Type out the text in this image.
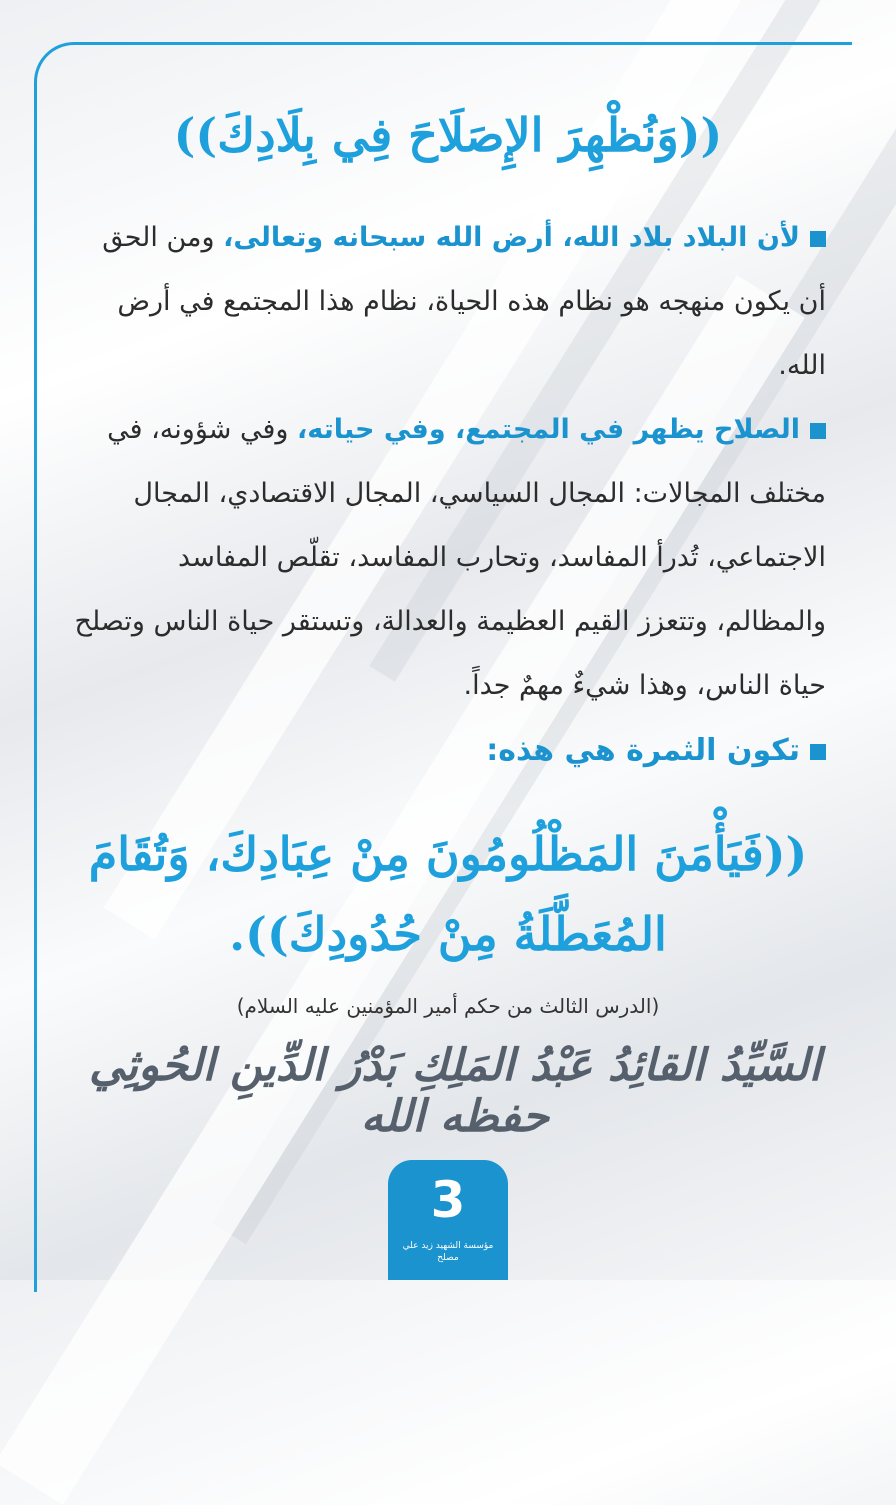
((وَنُظْهِرَ الإِصَلَاحَ فِي بِلَادِكَ))

لأن البلاد بلاد الله، أرض الله سبحانه وتعالى، ومن الحق أن يكون منهجه هو نظام هذه الحياة، نظام هذا المجتمع في أرض الله.

الصلاح يظهر في المجتمع، وفي حياته، وفي شؤونه، في مختلف المجالات: المجال السياسي، المجال الاقتصادي، المجال الاجتماعي، تُدرأ المفاسد، وتحارب المفاسد، تقلّص المفاسد والمظالم، وتتعزز القيم العظيمة والعدالة، وتستقر حياة الناس وتصلح حياة الناس، وهذا شيءٌ مهمٌ جداً.

تكون الثمرة هي هذه:

((فَيَأْمَنَ المَظْلُومُونَ مِنْ عِبَادِكَ، وَتُقَامَ المُعَطَّلَةُ مِنْ حُدُودِكَ)).

(الدرس الثالث من حكم أمير المؤمنين عليه السلام)

السَّيِّدُ القائِدُ عَبْدُ المَلِكِ بَدْرُ الدِّينِ الحُوثِي حفظه الله
3
مؤسسة الشهيد زيد علي مصلح
